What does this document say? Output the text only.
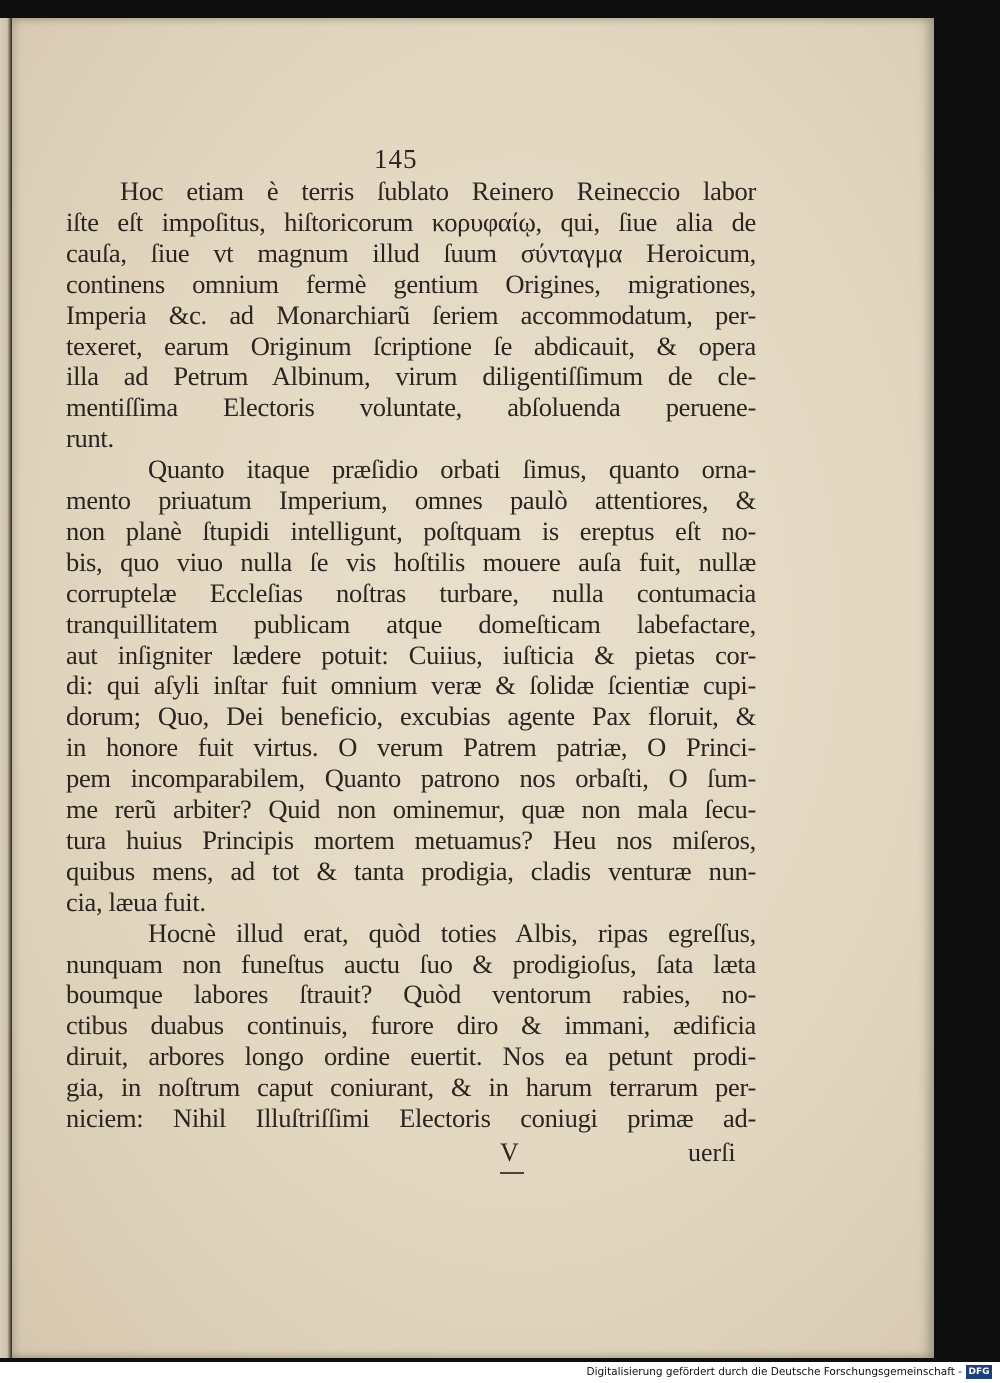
145
Hoc etiam è terris ſublato Reinero Reineccio labor
iſte eſt impoſitus, hiſtoricorum κορυφαίῳ, qui, ſiue alia de
cauſa, ſiue vt magnum illud ſuum σύνταγμα Heroicum,
continens omnium fermè gentium Origines, migrationes,
Imperia &c. ad Monarchiarũ ſeriem accommodatum, per-
texeret, earum Originum ſcriptione ſe abdicauit, & opera
illa ad Petrum Albinum, virum diligentiſſimum de cle-
mentiſſima Electoris voluntate, abſoluenda peruene-
runt.
Quanto itaque præſidio orbati ſimus, quanto orna-
mento priuatum Imperium, omnes paulò attentiores, &
non planè ſtupidi intelligunt, poſtquam is ereptus eſt no-
bis, quo viuo nulla ſe vis hoſtilis mouere auſa fuit, nullæ
corruptelæ Eccleſias noſtras turbare, nulla contumacia
tranquillitatem publicam atque domeſticam labefactare,
aut inſigniter lædere potuit: Cuiius, iuſticia & pietas cor-
di: qui aſyli inſtar fuit omnium veræ & ſolidæ ſcientiæ cupi-
dorum; Quo, Dei beneficio, excubias agente Pax floruit, &
in honore fuit virtus. O verum Patrem patriæ, O Princi-
pem incomparabilem, Quanto patrono nos orbaſti, O ſum-
me rerũ arbiter? Quid non ominemur, quæ non mala ſecu-
tura huius Principis mortem metuamus? Heu nos miſeros,
quibus mens, ad tot & tanta prodigia, cladis venturæ nun-
cia, læua fuit.
Hocnè illud erat, quòd toties Albis, ripas egreſſus,
nunquam non funeſtus auctu ſuo & prodigioſus, ſata læta
boumque labores ſtrauit? Quòd ventorum rabies, no-
ctibus duabus continuis, furore diro & immani, ædificia
diruit, arbores longo ordine euertit. Nos ea petunt prodi-
gia, in noſtrum caput coniurant, & in harum terrarum per-
niciem: Nihil Illuſtriſſimi Electoris coniugi primæ ad-
V	uerſi
Digitalisierung gefördert durch die Deutsche Forschungsgemeinschaft - DFG
